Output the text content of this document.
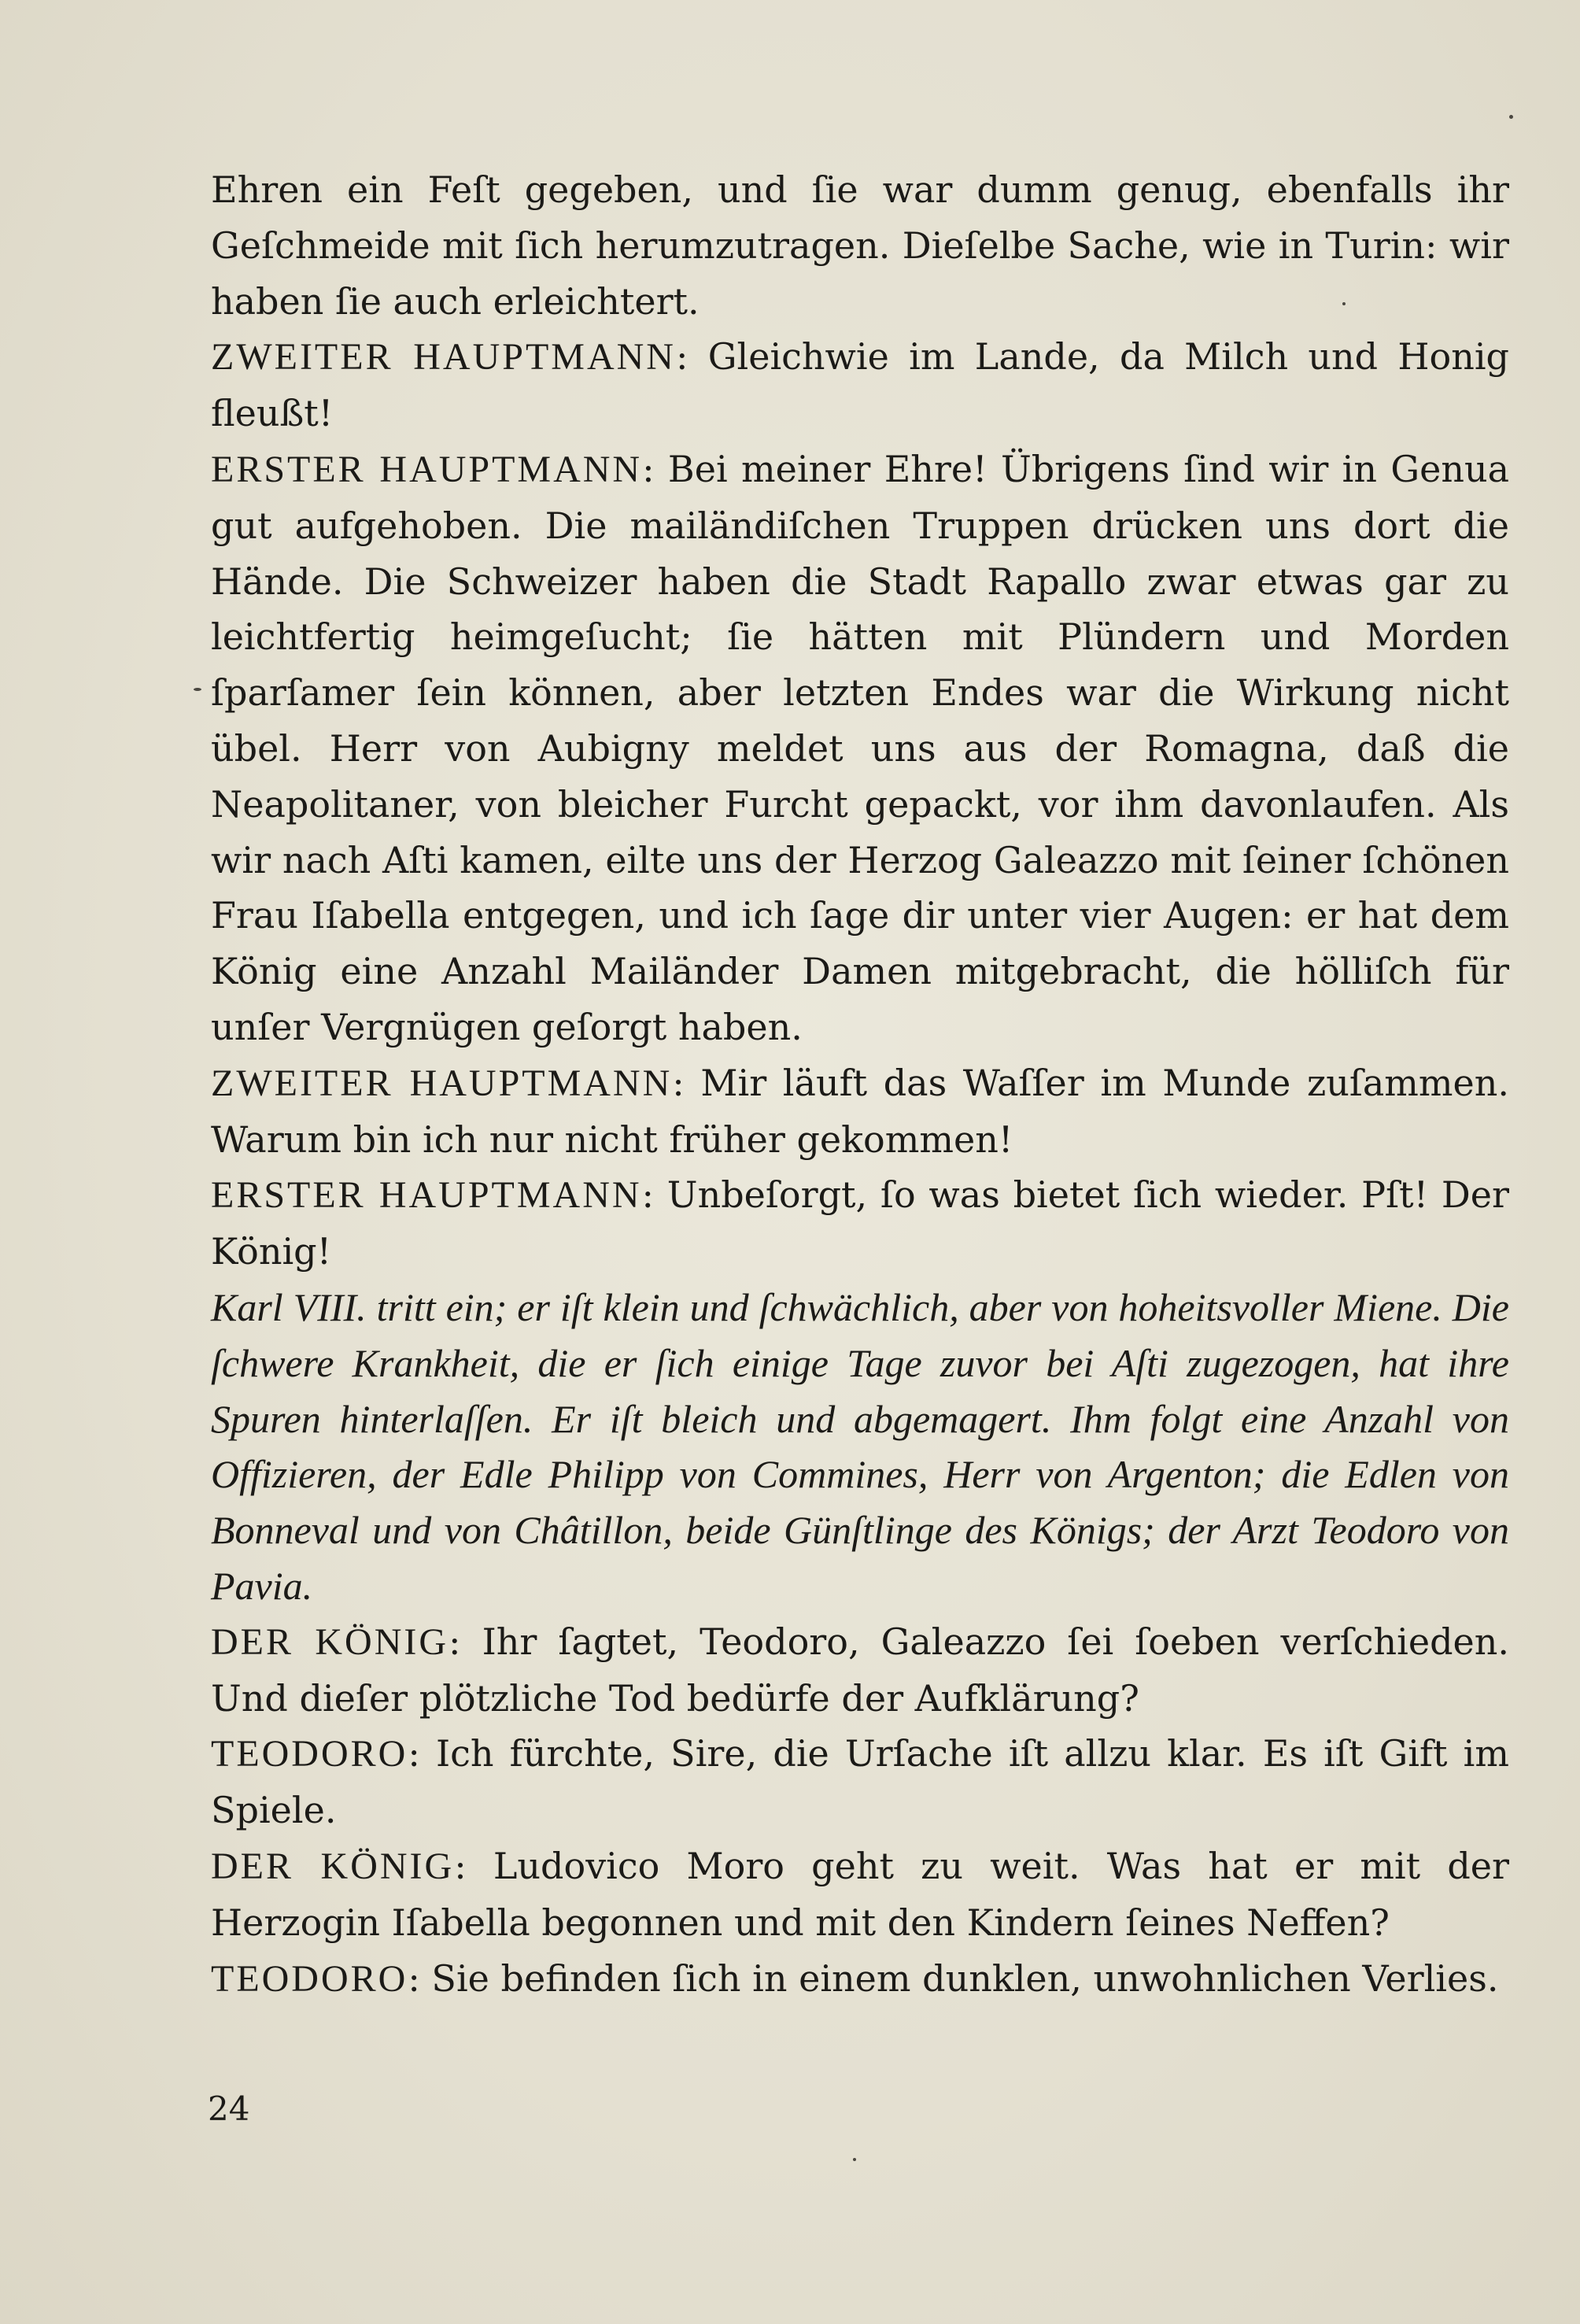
Ehren ein Feſt gegeben, und ſie war dumm genug, ebenfalls ihr Geſchmeide mit ſich herumzutragen. Dieſelbe Sache, wie in Turin: wir haben ſie auch erleichtert.

ZWEITER HAUPTMANN: Gleichwie im Lande, da Milch und Honig fleußt!

ERSTER HAUPTMANN: Bei meiner Ehre! Übrigens ſind wir in Genua gut aufgehoben. Die mailändiſchen Truppen drücken uns dort die Hände. Die Schweizer haben die Stadt Rapallo zwar etwas gar zu leichtfertig heimgeſucht; ſie hätten mit Plündern und Morden ſparſamer ſein können, aber letzten Endes war die Wirkung nicht übel. Herr von Aubigny meldet uns aus der Romagna, daß die Neapolitaner, von bleicher Furcht gepackt, vor ihm davonlaufen. Als wir nach Aſti kamen, eilte uns der Herzog Galeazzo mit ſeiner ſchönen Frau Iſabella entgegen, und ich ſage dir unter vier Augen: er hat dem König eine Anzahl Mailänder Damen mitgebracht, die hölliſch für unſer Vergnügen geſorgt haben.

ZWEITER HAUPTMANN: Mir läuft das Waſſer im Munde zuſammen. Warum bin ich nur nicht früher gekommen!

ERSTER HAUPTMANN: Unbeſorgt, ſo was bietet ſich wieder. Pſt! Der König!

Karl VIII. tritt ein; er iſt klein und ſchwächlich, aber von hoheitsvoller Miene. Die ſchwere Krankheit, die er ſich einige Tage zuvor bei Aſti zugezogen, hat ihre Spuren hinterlaſſen. Er iſt bleich und abgemagert. Ihm folgt eine Anzahl von Offizieren, der Edle Philipp von Commines, Herr von Argenton; die Edlen von Bonneval und von Châtillon, beide Günſtlinge des Königs; der Arzt Teodoro von Pavia.

DER KÖNIG: Ihr ſagtet, Teodoro, Galeazzo ſei ſoeben verſchieden. Und dieſer plötzliche Tod bedürfe der Aufklärung?

TEODORO: Ich fürchte, Sire, die Urſache iſt allzu klar. Es iſt Gift im Spiele.

DER KÖNIG: Ludovico Moro geht zu weit. Was hat er mit der Herzogin Iſabella begonnen und mit den Kindern ſeines Neffen?

TEODORO: Sie befinden ſich in einem dunklen, unwohnlichen Verlies.

24
